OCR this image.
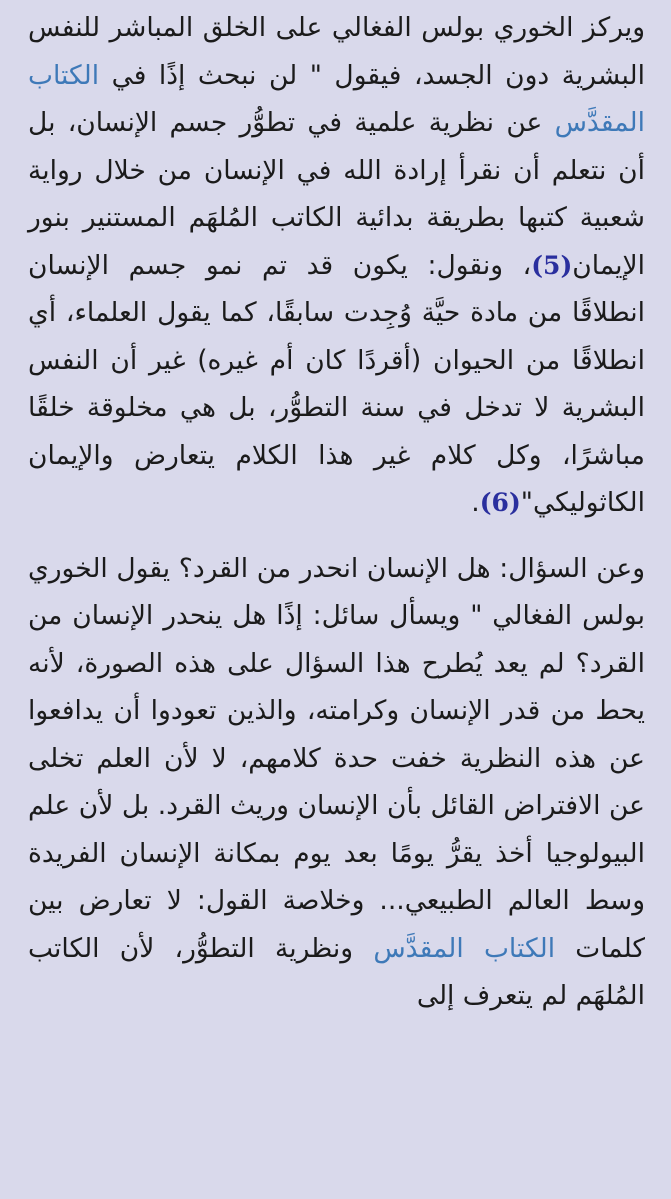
ويركز الخوري بولس الفغالي على الخلق المباشر للنفس البشرية دون الجسد، فيقول " لن نبحث إذًا في الكتاب المقدَّس عن نظرية علمية في تطوُّر جسم الإنسان، بل أن نتعلم أن نقرأ إرادة الله في الإنسان من خلال رواية شعبية كتبها بطريقة بدائية الكاتب المُلهَم المستنير بنور الإيمان(5)، ونقول: يكون قد تم نمو جسم الإنسان انطلاقًا من مادة حيَّة وُجِدت سابقًا، كما يقول العلماء، أي انطلاقًا من الحيوان (أقردًا كان أم غيره) غير أن النفس البشرية لا تدخل في سنة التطوُّر، بل هي مخلوقة خلقًا مباشرًا، وكل كلام غير هذا الكلام يتعارض والإيمان الكاثوليكي"(6).

وعن السؤال: هل الإنسان انحدر من القرد؟ يقول الخوري بولس الفغالي " ويسأل سائل: إذًا هل ينحدر الإنسان من القرد؟ لم يعد يُطرح هذا السؤال على هذه الصورة، لأنه يحط من قدر الإنسان وكرامته، والذين تعودوا أن يدافعوا عن هذه النظرية خفت حدة كلامهم، لا لأن العلم تخلى عن الافتراض القائل بأن الإنسان وريث القرد. بل لأن علم البيولوجيا أخذ يقرُّ يومًا بعد يوم بمكانة الإنسان الفريدة وسط العالم الطبيعي... وخلاصة القول: لا تعارض بين كلمات الكتاب المقدَّس ونظرية التطوُّر، لأن الكاتب المُلهَم لم يتعرف إلى
